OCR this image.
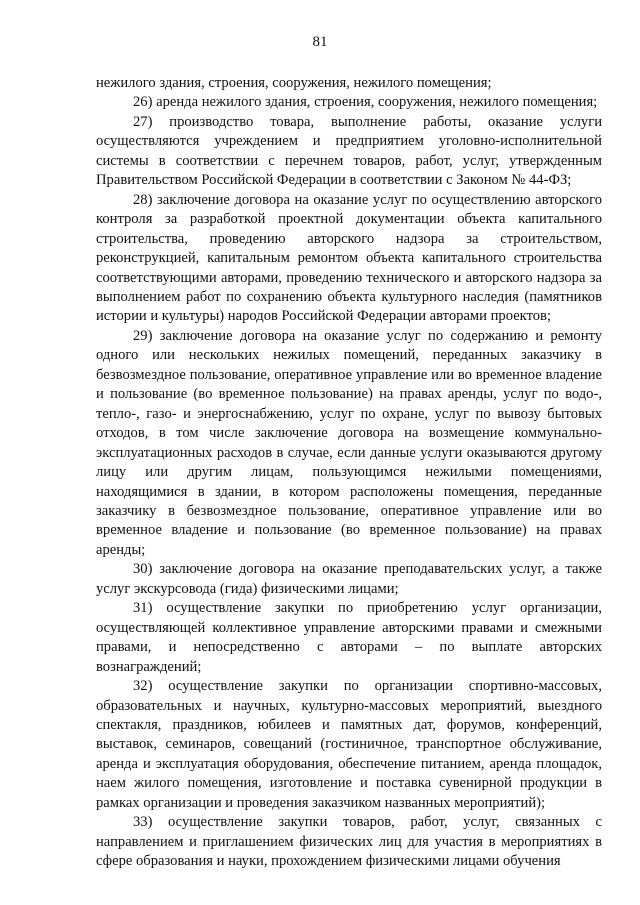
81

нежилого здания, строения, сооружения, нежилого помещения;

26) аренда нежилого здания, строения, сооружения, нежилого помещения;

27) производство товара, выполнение работы, оказание услуги осуществляются учреждением и предприятием уголовно-исполнительной системы в соответствии с перечнем товаров, работ, услуг, утвержденным Правительством Российской Федерации в соответствии с Законом № 44-ФЗ;

28) заключение договора на оказание услуг по осуществлению авторского контроля за разработкой проектной документации объекта капитального строительства, проведению авторского надзора за строительством, реконструкцией, капитальным ремонтом объекта капитального строительства соответствующими авторами, проведению технического и авторского надзора за выполнением работ по сохранению объекта культурного наследия (памятников истории и культуры) народов Российской Федерации авторами проектов;

29) заключение договора на оказание услуг по содержанию и ремонту одного или нескольких нежилых помещений, переданных заказчику в безвозмездное пользование, оперативное управление или во временное владение и пользование (во временное пользование) на правах аренды, услуг по водо-, тепло-, газо- и энергоснабжению, услуг по охране, услуг по вывозу бытовых отходов, в том числе заключение договора на возмещение коммунально-эксплуатационных расходов в случае, если данные услуги оказываются другому лицу или другим лицам, пользующимся нежилыми помещениями, находящимися в здании, в котором расположены помещения, переданные заказчику в безвозмездное пользование, оперативное управление или во временное владение и пользование (во временное пользование) на правах аренды;

30) заключение договора на оказание преподавательских услуг, а также услуг экскурсовода (гида) физическими лицами;

31) осуществление закупки по приобретению услуг организации, осуществляющей коллективное управление авторскими правами и смежными правами, и непосредственно с авторами – по выплате авторских вознаграждений;

32) осуществление закупки по организации спортивно-массовых, образовательных и научных, культурно-массовых мероприятий, выездного спектакля, праздников, юбилеев и памятных дат, форумов, конференций, выставок, семинаров, совещаний (гостиничное, транспортное обслуживание, аренда и эксплуатация оборудования, обеспечение питанием, аренда площадок, наем жилого помещения, изготовление и поставка сувенирной продукции в рамках организации и проведения заказчиком названных мероприятий);

33) осуществление закупки товаров, работ, услуг, связанных с направлением и приглашением физических лиц для участия в мероприятиях в сфере образования и науки, прохождением физическими лицами обучения
